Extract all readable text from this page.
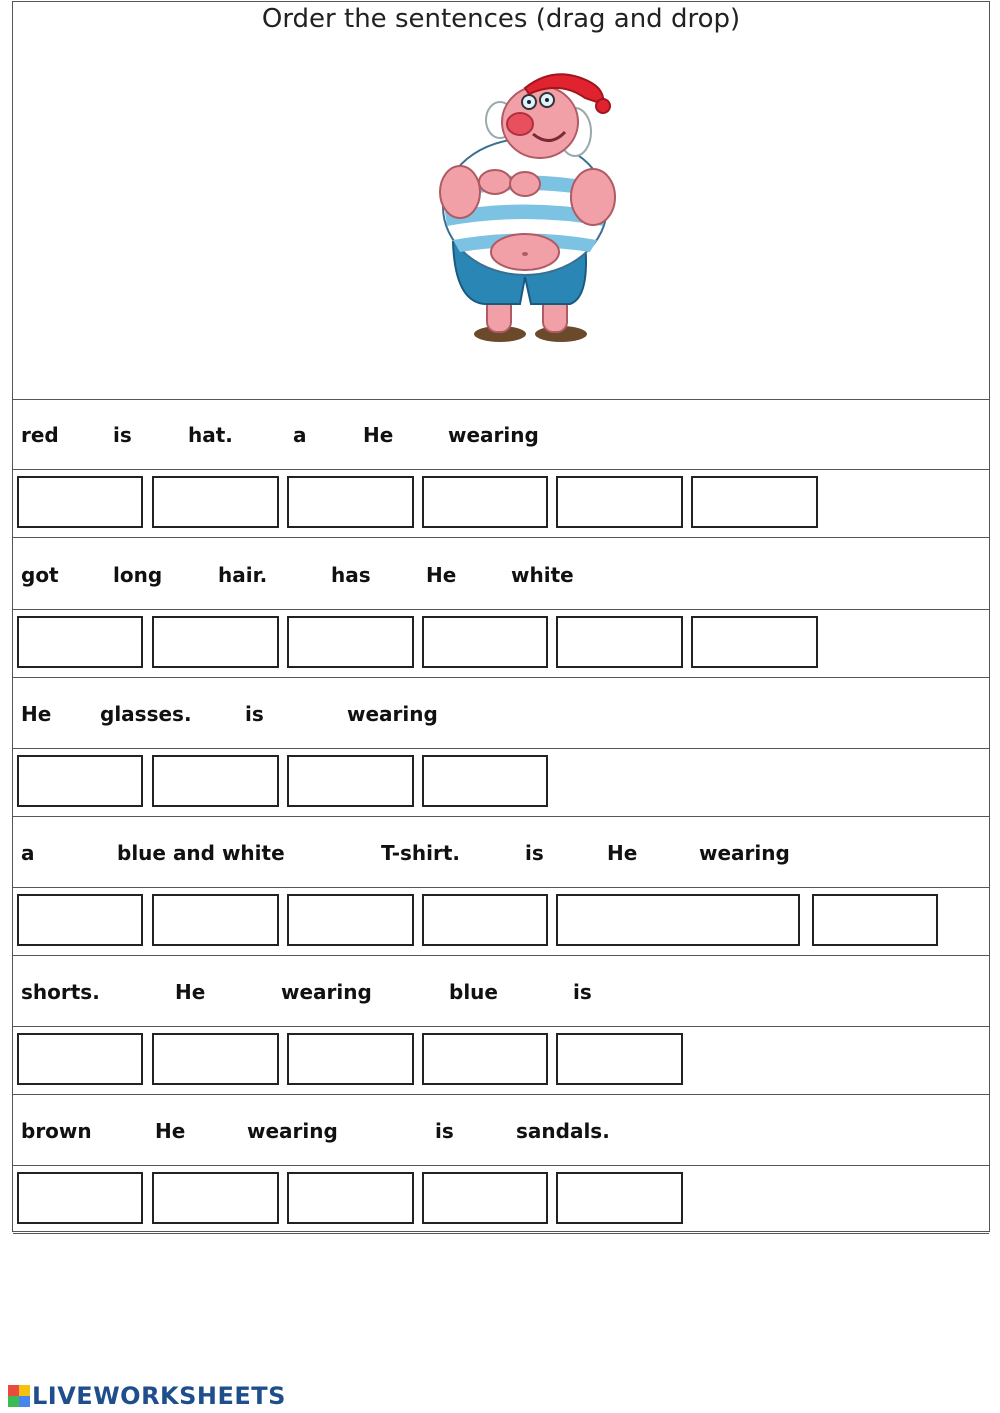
Order the sentences (drag and drop)
red	is	hat.	a	He	wearing
got	long	hair.	has	He	white
He glasses.	is	wearing
a	blue and white	T-shirt.	is	He	wearing
shorts.	He	wearing	blue	is
brown	He	wearing	is	sandals.
LIVEWORKSHEETS
